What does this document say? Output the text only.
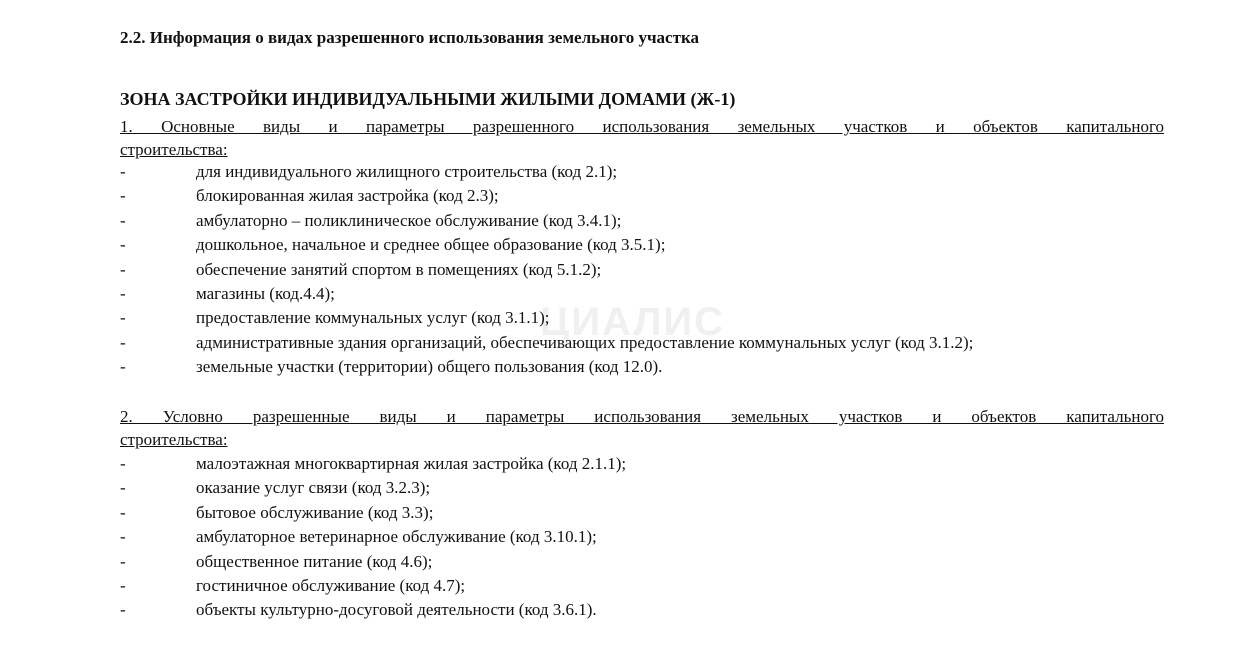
2.2. Информация о видах разрешенного использования земельного участка
ЗОНА ЗАСТРОЙКИ ИНДИВИДУАЛЬНЫМИ ЖИЛЫМИ ДОМАМИ (Ж-1)
1. Основные виды и параметры разрешенного использования земельных участков и объектов капитального
строительства:
-	для индивидуального жилищного строительства (код 2.1);
-	блокированная жилая застройка (код 2.3);
-	амбулаторно – поликлиническое обслуживание (код 3.4.1);
-	дошкольное, начальное и среднее общее образование (код 3.5.1);
-	обеспечение занятий спортом в помещениях (код 5.1.2);
-	магазины (код.4.4);
-	предоставление коммунальных услуг (код 3.1.1);
-	административные здания организаций, обеспечивающих предоставление коммунальных услуг (код 3.1.2);
-	земельные участки (территории) общего пользования (код 12.0).
2. Условно разрешенные виды и параметры использования земельных участков и объектов капитального
строительства:
-	малоэтажная многоквартирная жилая застройка (код 2.1.1);
-	оказание услуг связи (код 3.2.3);
-	бытовое обслуживание (код 3.3);
-	амбулаторное ветеринарное обслуживание (код 3.10.1);
-	общественное питание (код 4.6);
-	гостиничное обслуживание (код 4.7);
-	объекты культурно-досуговой деятельности (код 3.6.1).
ЦИАЛИС
